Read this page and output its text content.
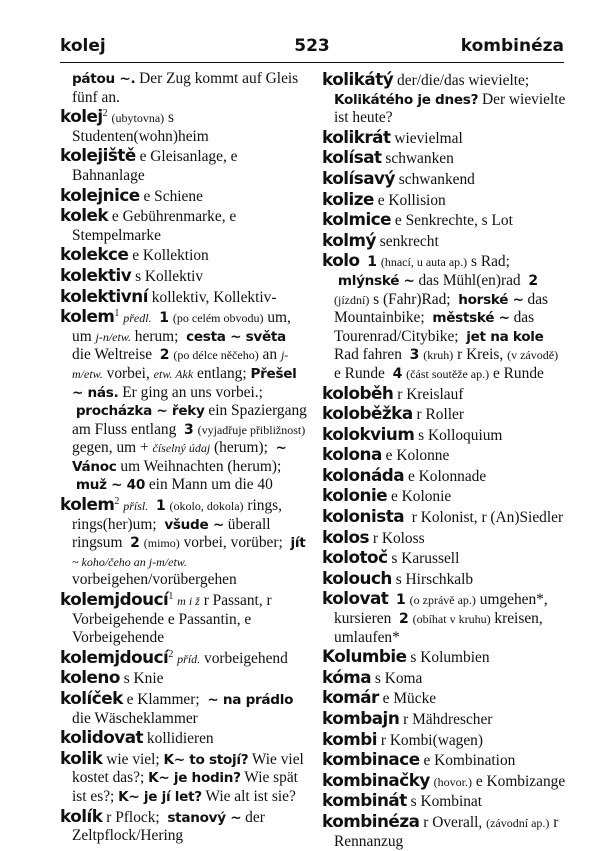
kolej	523	kombinéza

pátou ~. Der Zug kommt auf Gleis fünf an.

kolej$^2$ (ubytovna) s Studenten(wohn)heim

kolejiště e Gleisanlage, e Bahnanlage

kolejnice e Schiene

kolek e Gebührenmarke, e Stempelmarke

kolekce e Kollektion

kolektiv s Kollektiv

kolektivní kollektiv, Kollektiv-

kolem$^1$ předl. 1 (po celém obvodu) um, um j-n/etw. herum;  cesta ~ světa die Weltreise  2 (po délce něčeho) an j-m/etw. vorbei, etw. Akk entlang; Přešel ~ nás. Er ging an uns vorbei.;  procházka ~ řeky ein Spaziergang am Fluss entlang  3 (vyjadřuje přibližnost) gegen, um + číselný údaj (herum);  ~ Vánoc um Weihnachten (herum);  muž ~ 40 ein Mann um die 40

kolem$^2$ přísl. 1 (okolo, dokola) rings, rings(her)um;  všude ~ überall ringsum  2 (mimo) vorbei, vorüber;  jít ~ koho/čeho an j-m/etw. vorbeigehen/vorübergehen

kolemjdoucí$^1$ m i ž r Passant, r Vorbeigehende e Passantin, e Vorbeigehende

kolemjdoucí$^2$ příd. vorbeigehend

koleno s Knie

kolíček e Klammer;  ~ na prádlo die Wäscheklammer

kolidovat kollidieren

kolik wie viel; K~ to stojí? Wie viel kostet das?; K~ je hodin? Wie spät ist es?; K~ je jí let? Wie alt ist sie?

kolík r Pflock;  stanový ~ der Zeltpflock/Hering

kolikátý der/die/das wievielte; Kolikátého je dnes? Der wievielte ist heute?

kolikrát wievielmal

kolísat schwanken

kolísavý schwankend

kolize e Kollision

kolmice e Senkrechte, s Lot

kolmý senkrecht

kolo 1 (hnací, u auta ap.) s Rad;  mlýnské ~ das Mühl(en)rad  2 (jízdní) s (Fahr)Rad;  horské ~ das Mountainbike;  městské ~ das Tourenrad/Citybike;  jet na kole Rad fahren  3 (kruh) r Kreis, (v závodě) e Runde  4 (část soutěže ap.) e Runde

koloběh r Kreislauf

koloběžka r Roller

kolokvium s Kolloquium

kolona e Kolonne

kolonáda e Kolonnade

kolonie e Kolonie

kolonista  r Kolonist, r (An)Siedler

kolos r Koloss

kolotoč s Karussell

kolouch s Hirschkalb

kolovat 1 (o zprávě ap.) umgehen*, kursieren  2 (obíhat v kruhu) kreisen, umlaufen*

Kolumbie s Kolumbien

kóma s Koma

komár e Mücke

kombajn r Mähdrescher

kombi r Kombi(wagen)

kombinace e Kombination

kombinačky (hovor.) e Kombizange

kombinát s Kombinat

kombinéza r Overall, (závodní ap.) r Rennanzug
